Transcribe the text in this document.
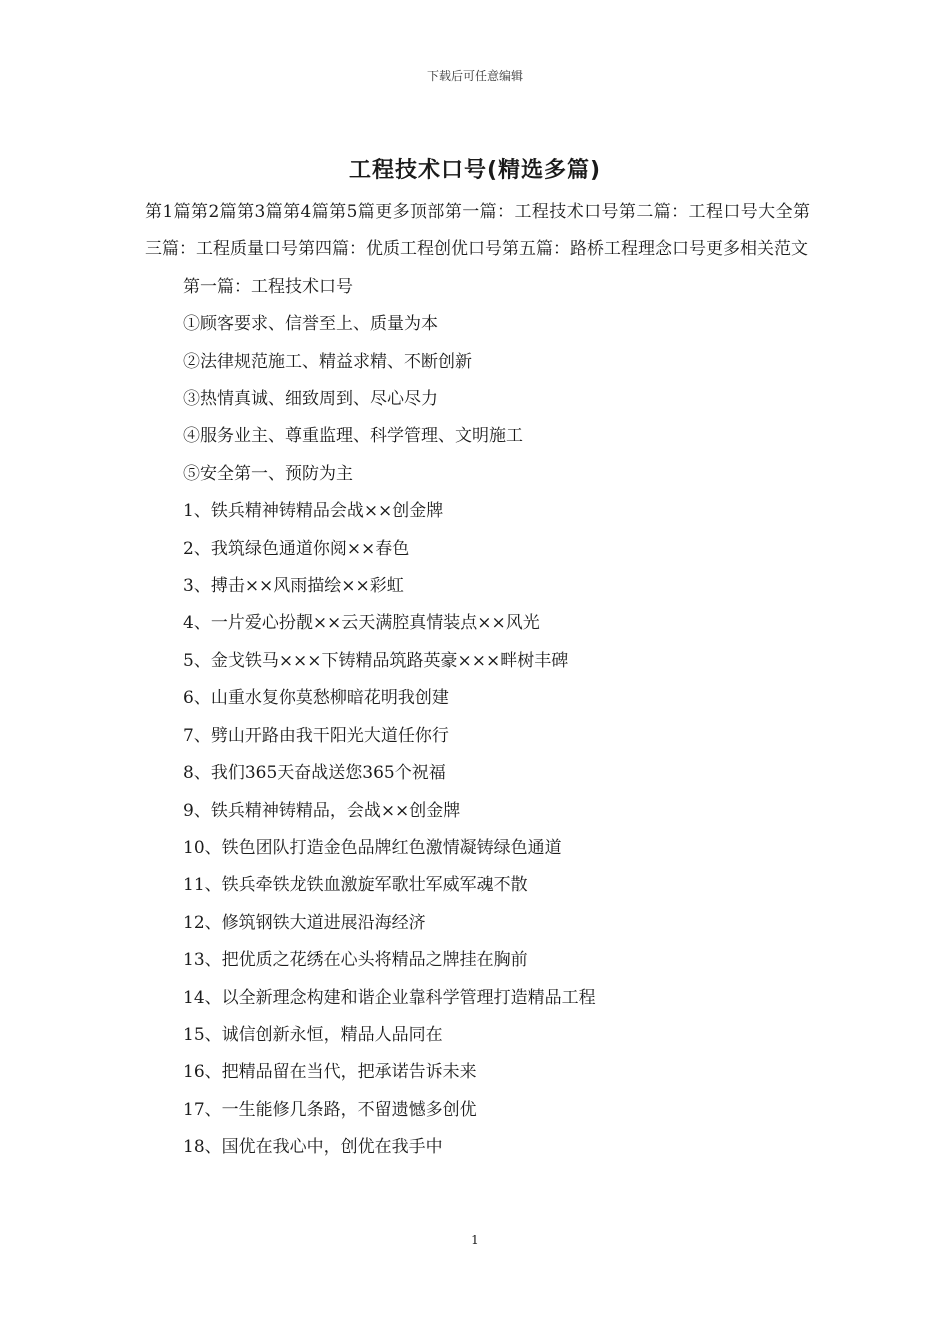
下载后可任意编辑
工程技术口号(精选多篇)

第1篇第2篇第3篇第4篇第5篇更多顶部第一篇：工程技术口号第二篇：工程口号大全第三篇：工程质量口号第四篇：优质工程创优口号第五篇：路桥工程理念口号更多相关范文

第一篇：工程技术口号
①顾客要求、信誉至上、质量为本
②法律规范施工、精益求精、不断创新
③热情真诚、细致周到、尽心尽力
④服务业主、尊重监理、科学管理、文明施工
⑤安全第一、预防为主
1、铁兵精神铸精品会战××创金牌
2、我筑绿色通道你阅××春色
3、搏击××风雨描绘××彩虹
4、一片爱心扮靓××云天满腔真情装点××风光
5、金戈铁马×××下铸精品筑路英豪×××畔树丰碑
6、山重水复你莫愁柳暗花明我创建
7、劈山开路由我干阳光大道任你行
8、我们365天奋战送您365个祝福
9、铁兵精神铸精品，会战××创金牌
10、铁色团队打造金色品牌红色激情凝铸绿色通道
11、铁兵牵铁龙铁血激旋军歌壮军威军魂不散
12、修筑钢铁大道进展沿海经济
13、把优质之花绣在心头将精品之牌挂在胸前
14、以全新理念构建和谐企业靠科学管理打造精品工程
15、诚信创新永恒，精品人品同在
16、把精品留在当代，把承诺告诉未来
17、一生能修几条路，不留遗憾多创优
18、国优在我心中，创优在我手中
1
